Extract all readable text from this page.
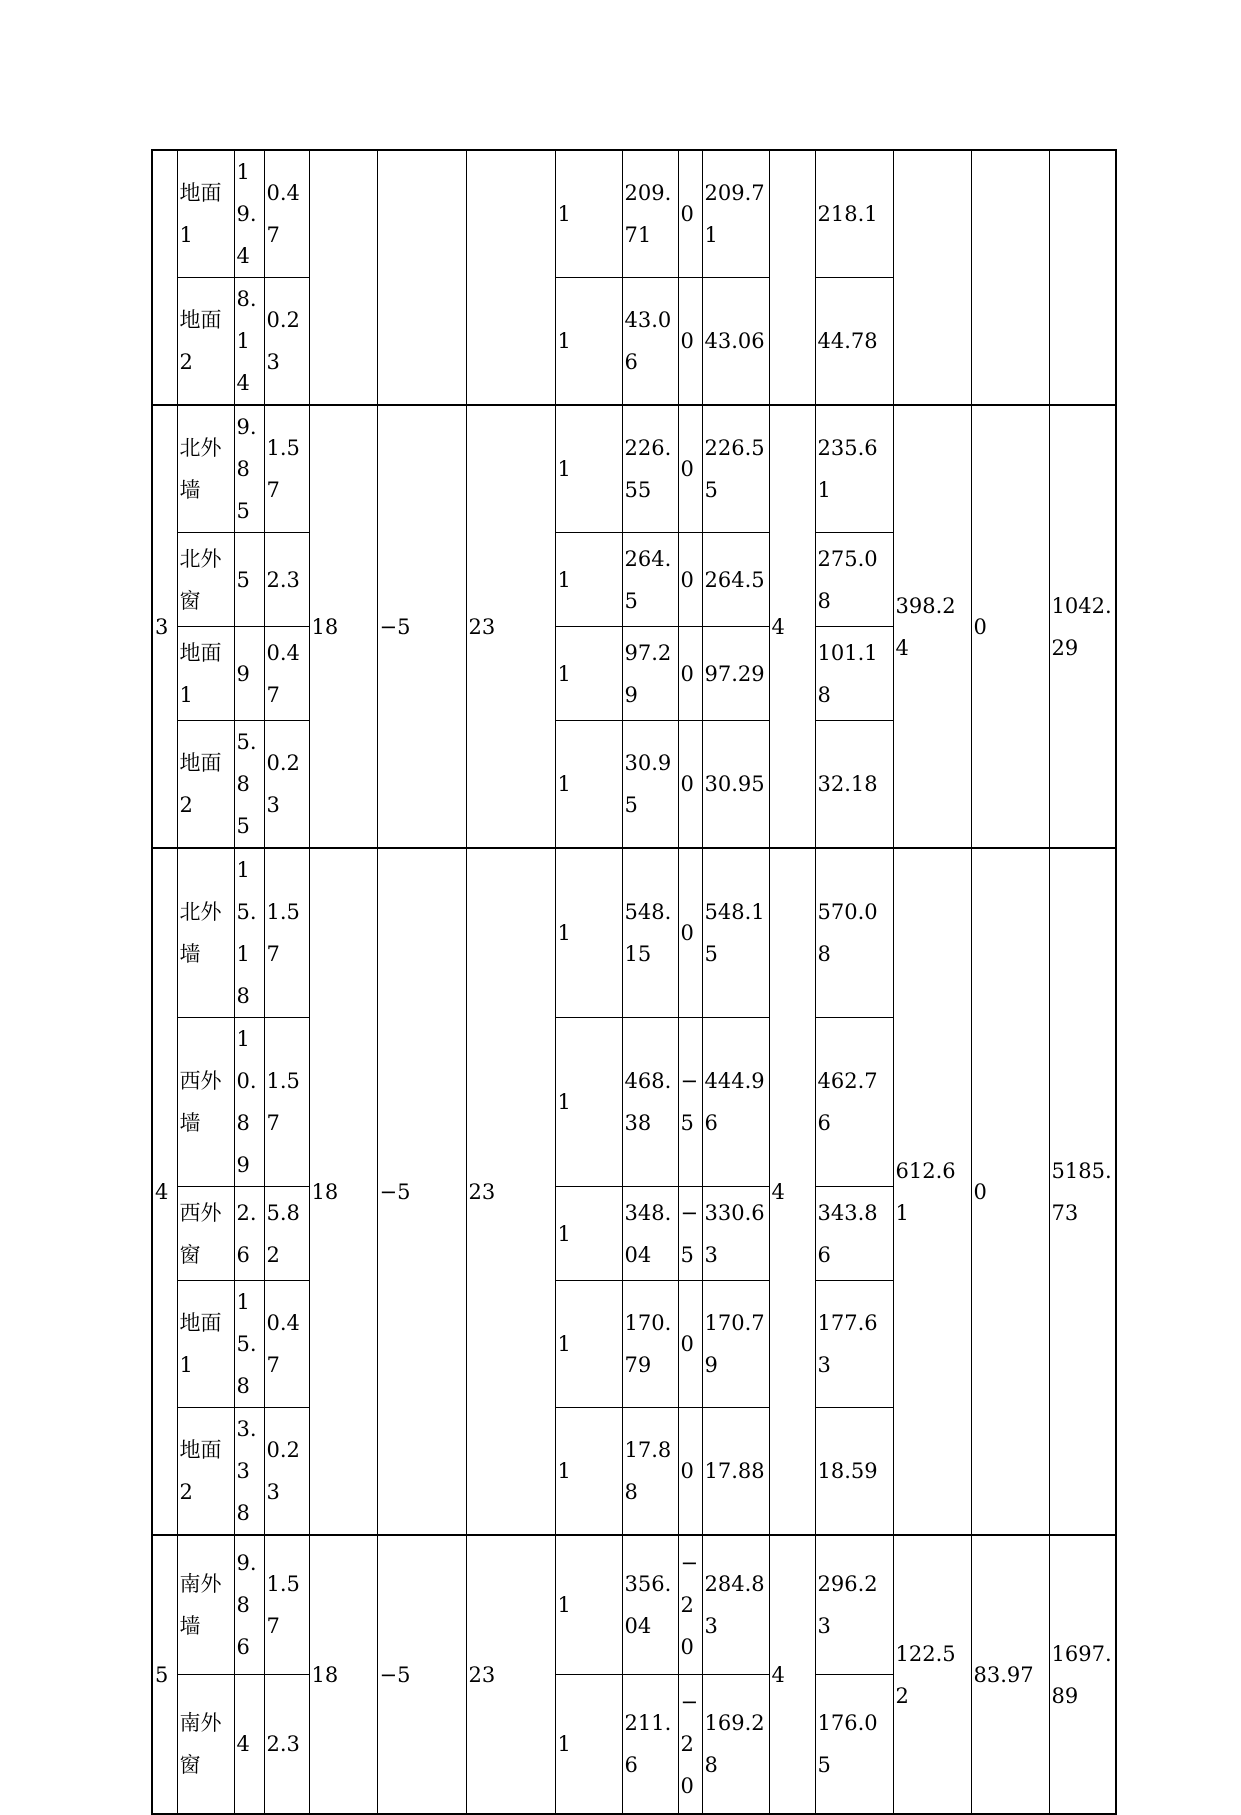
	地面1	19.4	0.47				1	209.71	0	209.71		218.1			
	地面2	8.14	0.23				1	43.06	0	43.06		44.78			
3	北外墙	9.85	1.57	18	−5	23	1	226.55	0	226.55	4	235.61	398.24	0	1042.29
	北外窗	5	2.3				1	264.5	0	264.5		275.08			
	地面1	9	0.47				1	97.29	0	97.29		101.18			
	地面2	5.85	0.23				1	30.95	0	30.95		32.18			
4	北外墙	15.18	1.57	18	−5	23	1	548.15	0	548.15	4	570.08	612.61	0	5185.73
	西外墙	10.89	1.57				1	468.38	−5	444.96		462.76			
	西外窗	2.6	5.82				1	348.04	−5	330.63		343.86			
	地面1	15.8	0.47				1	170.79	0	170.79		177.63			
	地面2	3.38	0.23				1	17.88	0	17.88		18.59			
5	南外墙	9.86	1.57	18	−5	23	1	356.04	−20	284.83	4	296.23	122.52	83.97	1697.89
	南外窗	4	2.3				1	211.6	−20	169.28		176.05			
